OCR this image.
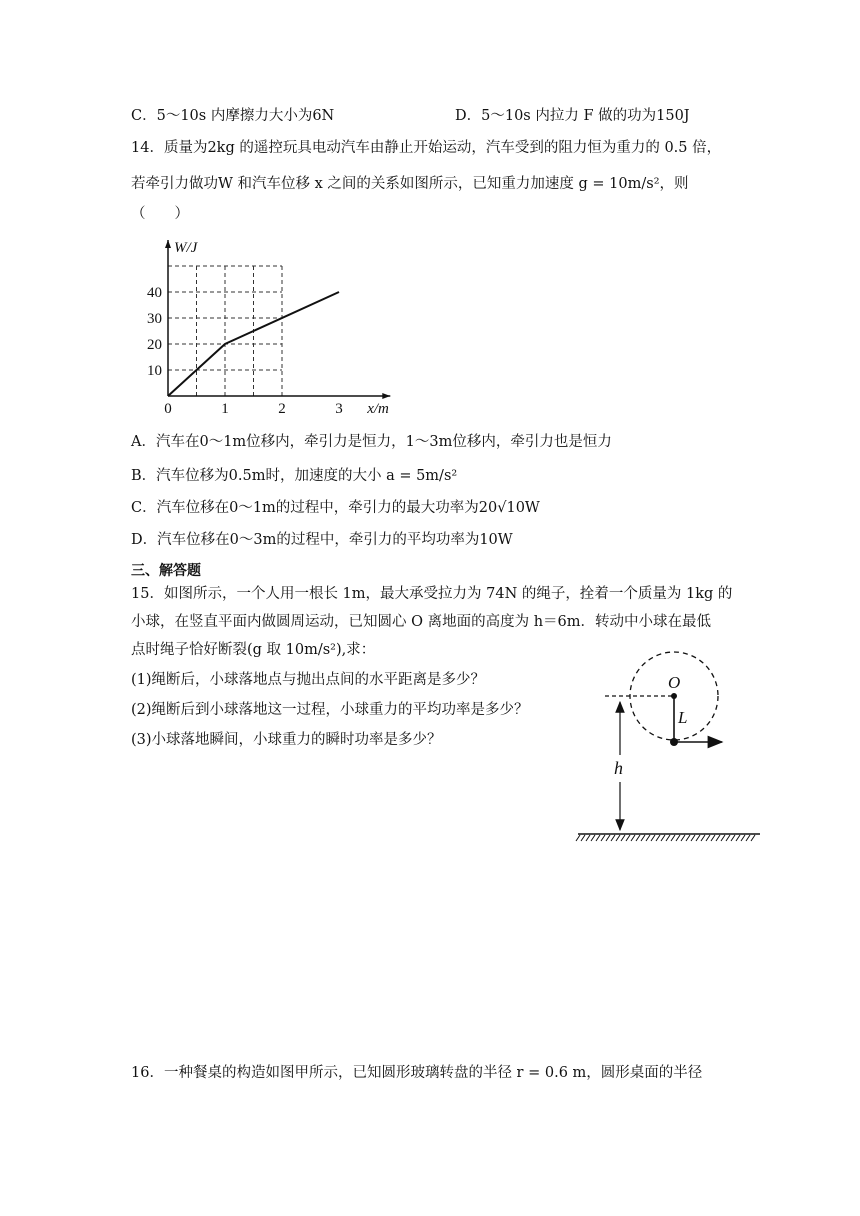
C．5～10s 内摩擦力大小为6N	D．5～10s 内拉力 F 做的功为150J
14．质量为2kg 的遥控玩具电动汽车由静止开始运动，汽车受到的阻力恒为重力的 0.5 倍，
若牵引力做功W 和汽车位移 x 之间的关系如图所示，已知重力加速度 g = 10m/s²，则
（　　）
W/J
x/m
0	1	2	3
10
20
30
40
A．汽车在0～1m位移内，牵引力是恒力，1～3m位移内，牵引力也是恒力
B．汽车位移为0.5m时，加速度的大小 a = 5m/s²
C．汽车位移在0～1m的过程中，牵引力的最大功率为20√10W
D．汽车位移在0～3m的过程中，牵引力的平均功率为10W
三、解答题
15．如图所示，一个人用一根长 1m，最大承受拉力为 74N 的绳子，拴着一个质量为 1kg 的
小球，在竖直平面内做圆周运动，已知圆心 O 离地面的高度为 h＝6m．转动中小球在最低
点时绳子恰好断裂(g 取 10m/s²),求：
(1)绳断后，小球落地点与抛出点间的水平距离是多少？
(2)绳断后到小球落地这一过程，小球重力的平均功率是多少？
(3)小球落地瞬间，小球重力的瞬时功率是多少？
O
L
h
16．一种餐桌的构造如图甲所示，已知圆形玻璃转盘的半径 r = 0.6 m，圆形桌面的半径
